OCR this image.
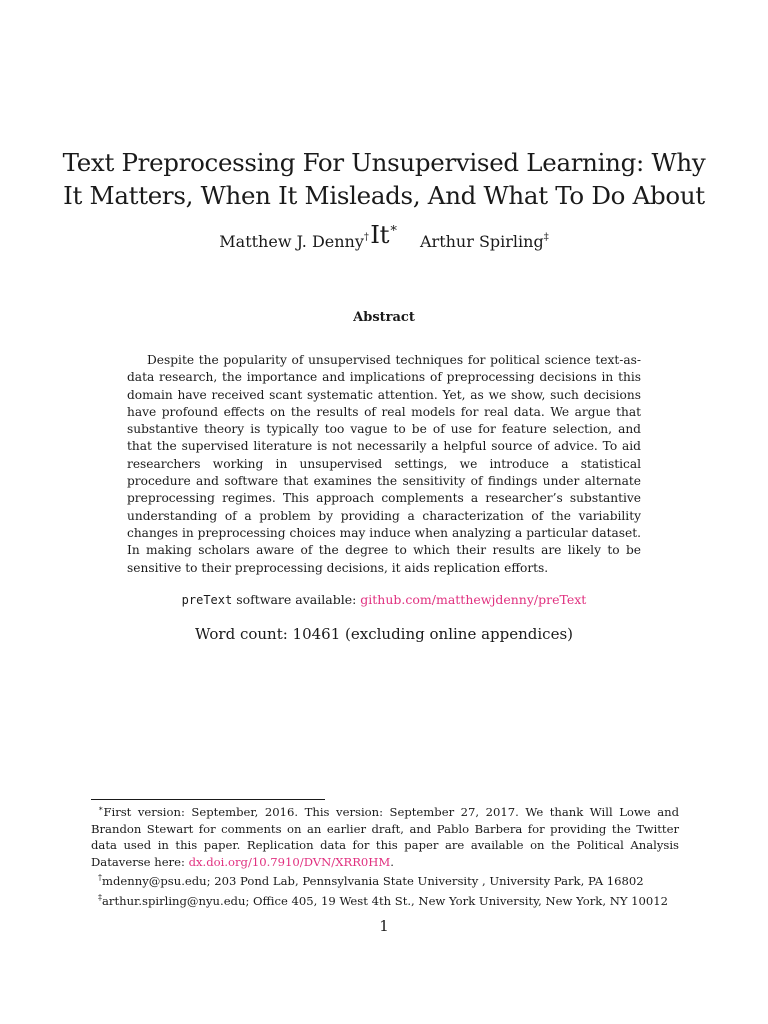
Text Preprocessing For Unsupervised Learning: Why It Matters, When It Misleads, And What To Do About It∗
Matthew J. Denny†	Arthur Spirling‡
Abstract

Despite the popularity of unsupervised techniques for political science text-as-data research, the importance and implications of preprocessing decisions in this domain have received scant systematic attention. Yet, as we show, such decisions have profound effects on the results of real models for real data. We argue that substantive theory is typically too vague to be of use for feature selection, and that the supervised literature is not necessarily a helpful source of advice. To aid researchers working in unsupervised settings, we introduce a statistical procedure and software that examines the sensitivity of findings under alternate preprocessing regimes. This approach complements a researcher’s substantive understanding of a problem by providing a characterization of the variability changes in preprocessing choices may induce when analyzing a particular dataset. In making scholars aware of the degree to which their results are likely to be sensitive to their preprocessing decisions, it aids replication efforts.

preText software available: github.com/matthewjdenny/preText
Word count: 10461 (excluding online appendices)

∗First version: September, 2016. This version: September 27, 2017. We thank Will Lowe and Brandon Stewart for comments on an earlier draft, and Pablo Barbera for providing the Twitter data used in this paper. Replication data for this paper are available on the Political Analysis Dataverse here: dx.doi.org/10.7910/DVN/XRR0HM.

†mdenny@psu.edu; 203 Pond Lab, Pennsylvania State University , University Park, PA 16802

‡arthur.spirling@nyu.edu; Office 405, 19 West 4th St., New York University, New York, NY 10012

1
